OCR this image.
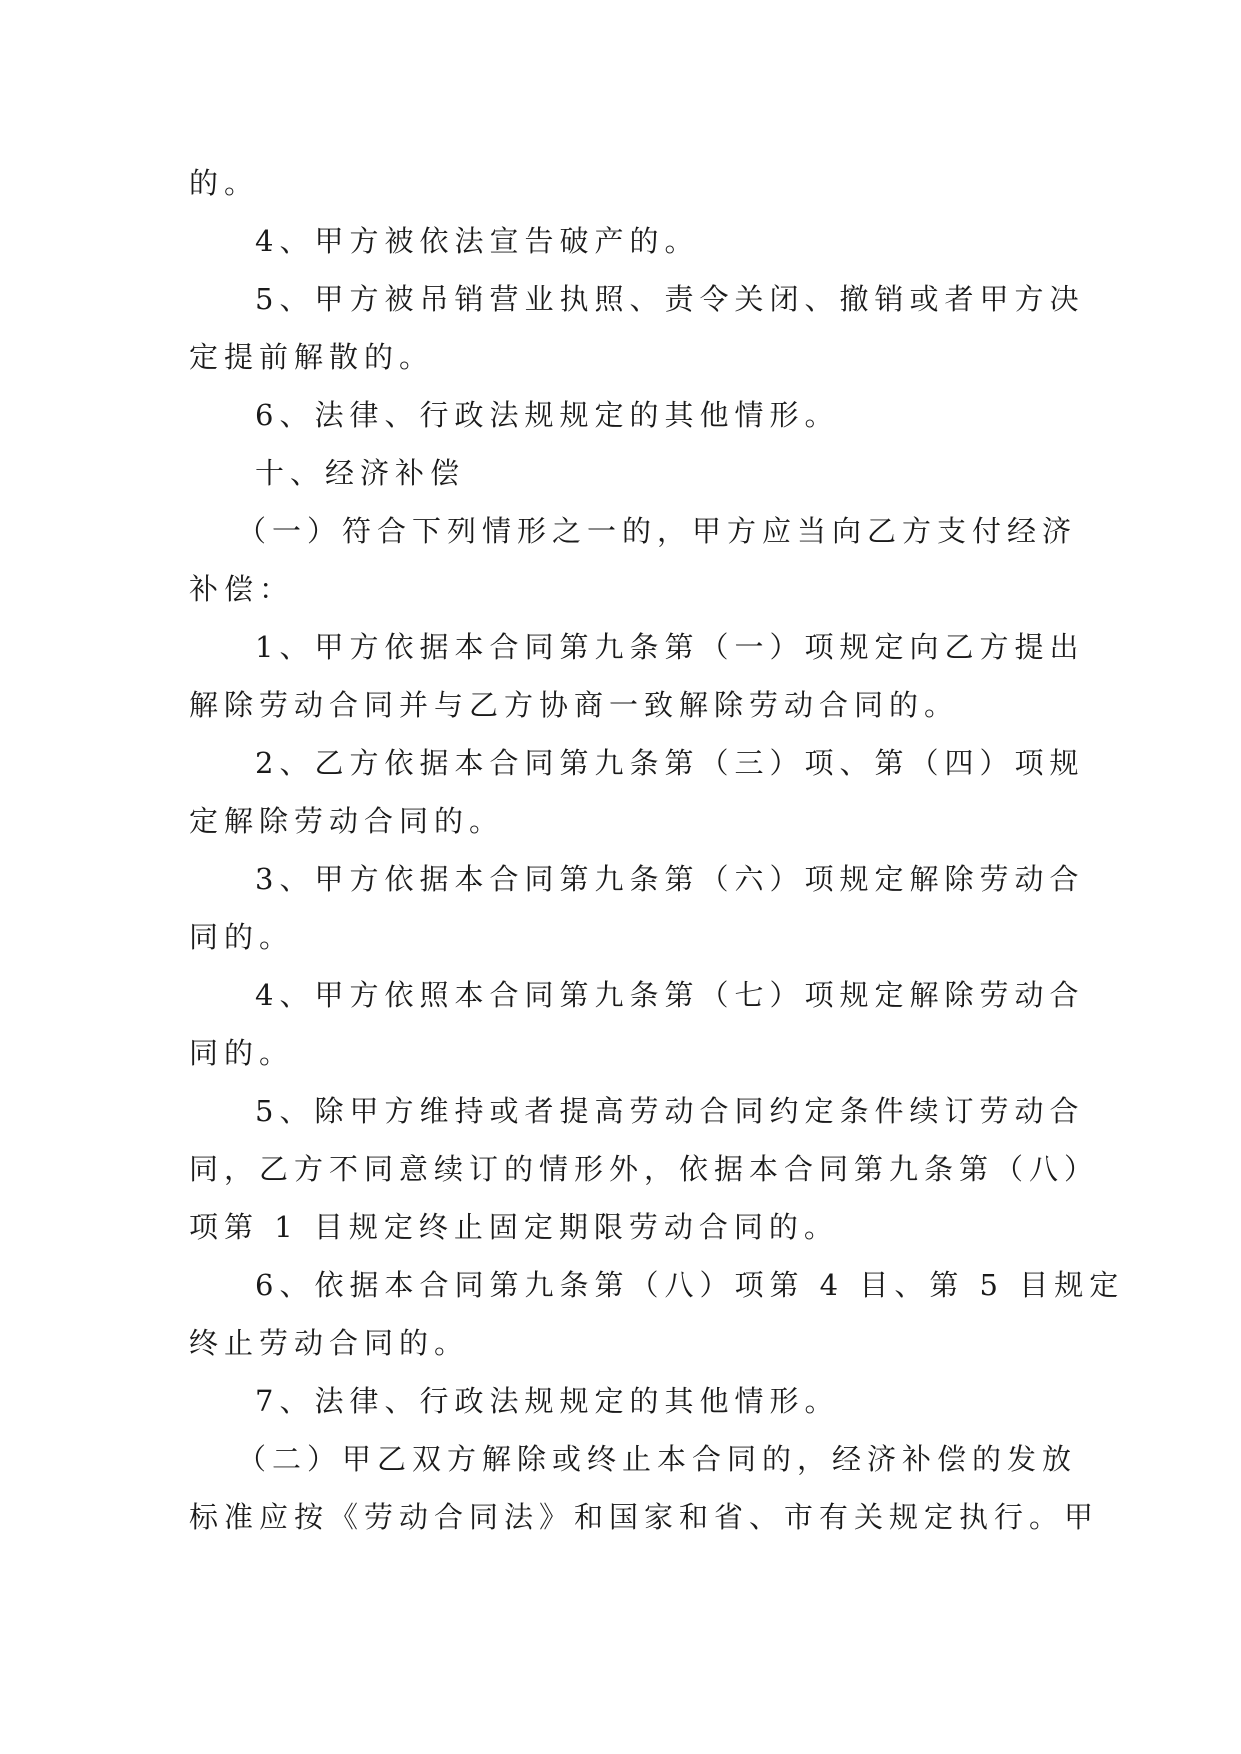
的。
4、甲方被依法宣告破产的。
5、甲方被吊销营业执照、责令关闭、撤销或者甲方决
定提前解散的。
6、法律、行政法规规定的其他情形。
十、经济补偿
（一）符合下列情形之一的，甲方应当向乙方支付经济
补偿：
1、甲方依据本合同第九条第（一）项规定向乙方提出
解除劳动合同并与乙方协商一致解除劳动合同的。
2、乙方依据本合同第九条第（三）项、第（四）项规
定解除劳动合同的。
3、甲方依据本合同第九条第（六）项规定解除劳动合
同的。
4、甲方依照本合同第九条第（七）项规定解除劳动合
同的。
5、除甲方维持或者提高劳动合同约定条件续订劳动合
同，乙方不同意续订的情形外，依据本合同第九条第（八）
项第 1 目规定终止固定期限劳动合同的。
6、依据本合同第九条第（八）项第 4 目、第 5 目规定
终止劳动合同的。
7、法律、行政法规规定的其他情形。
（二）甲乙双方解除或终止本合同的，经济补偿的发放
标准应按《劳动合同法》和国家和省、市有关规定执行。甲
